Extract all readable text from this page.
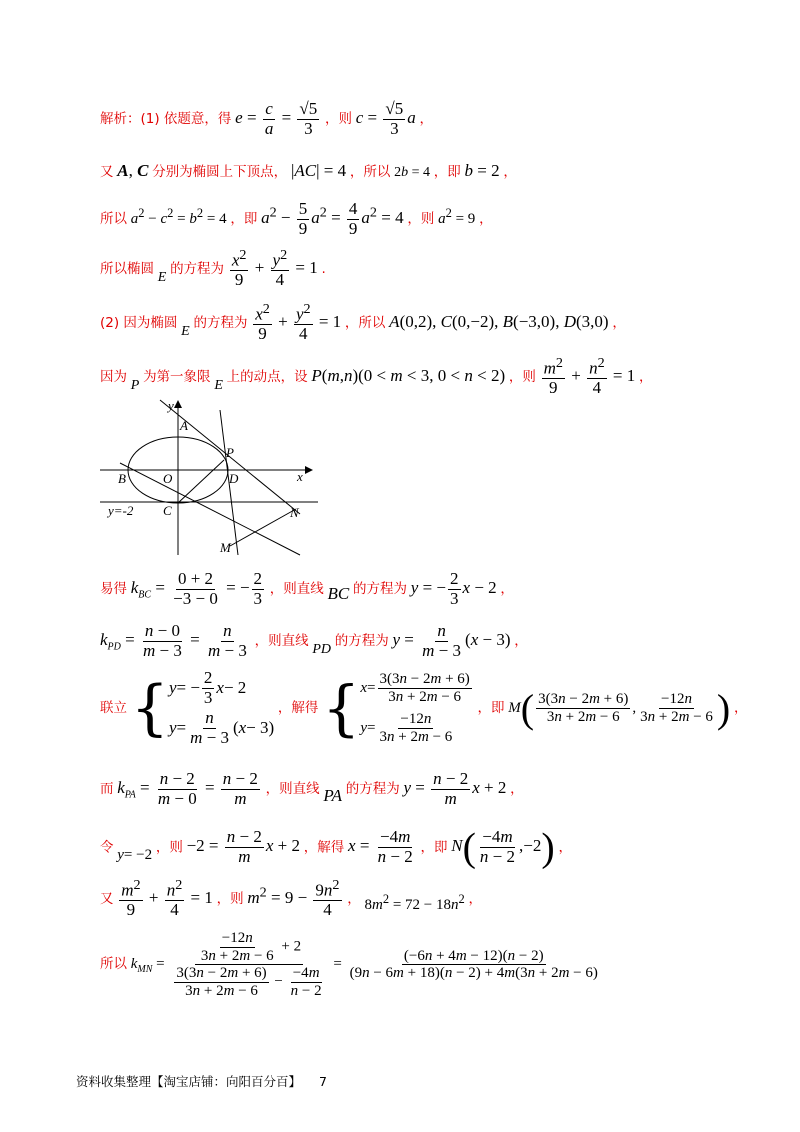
解析：(1) 依题意，得 $e = \frac{c}{a} = \frac{√5}{3}$ ，则 $c = \frac{√5}{3}$ a ，
又 A, C 分别为椭圆上下顶点， |AC| = 4 ，所以 2b = 4 ，即 b = 2 ，
所以 $a^2 - c^2 = b^2 = 4$ ，即 $a^2 - \frac{5}{9} a^2 = \frac{4}{9} a^2 = 4$ ，则 $a^2 = 9$ ，
所以椭圆 E 的方程为 $\frac{x^2}{9} + \frac{y^2}{4} = 1$ .
(2) 因为椭圆 E 的方程为 $\frac{x^2}{9} + \frac{y^2}{4} = 1$ ，所以 A(0,2), C(0,−2), B(−3,0), D(3,0) ，
因为 P 为第一象限 E 上的动点，设 P(m,n)(0 < m < 3, 0 < n < 2) ，则 $\frac{m^2}{9} + \frac{n^2}{4} = 1$ ，
y
A
P
B	O	D	x
y=-2 C	N
M
易得 $k_{BC} = \frac{0 + 2}{-3 - 0}$ = − $\frac{2}{3}$ ，则直线 BC 的方程为 y = − $\frac{2}{3}$ x − 2 ，
$k_{PD} = \frac{n - 0}{m - 3} = \frac{n}{m - 3}$ ，则直线 PD 的方程为 $y = \frac{n}{m - 3} (x - 3)$ ，
联立 { y = − $\frac{2}{3}$ x − 2
$y = \frac{n}{m - 3}$ ( x − 3)
，解得 { $x = \frac{3(3n - 2m + 6)}{3n + 2m - 6}$
$y = \frac{-12n}{3n + 2m - 6}$
，即 $M( \frac{3(3n - 2m + 6)}{3n + 2m - 6}$ , $\frac{-12n}{3n + 2m - 6}$ ) ，
而 $k_{PA} = \frac{n - 2}{m - 0} = \frac{n - 2}{m}$ ，则直线 PA 的方程为 $y = \frac{n - 2}{m}$ x + 2 ，
令 y= −2 ，则 $-2 = \frac{n - 2}{m}$ x + 2 ，解得 $x = \frac{-4m}{n - 2}$ ，即 $N( \frac{-4m}{n - 2} ,-2)$ ，
又 $\frac{m^2}{9} + \frac{n^2}{4} = 1$ ，则 $m^2 = 9 - \frac{9n^2}{4}$ ， $8m^2 = 72 - 18n^2$ ，
所以 $k_{MN} = \frac{\frac{-12n}{3n + 2m - 6} + 2}{\frac{3(3n - 2m + 6)}{3n + 2m - 6} - \frac{-4m}{n - 2}} = \frac{(-6n + 4m - 12)(n - 2)}{(9n - 6m + 18)(n - 2) + 4m(3n + 2m - 6)}$
资料收集整理【淘宝店铺：向阳百分百】 7
